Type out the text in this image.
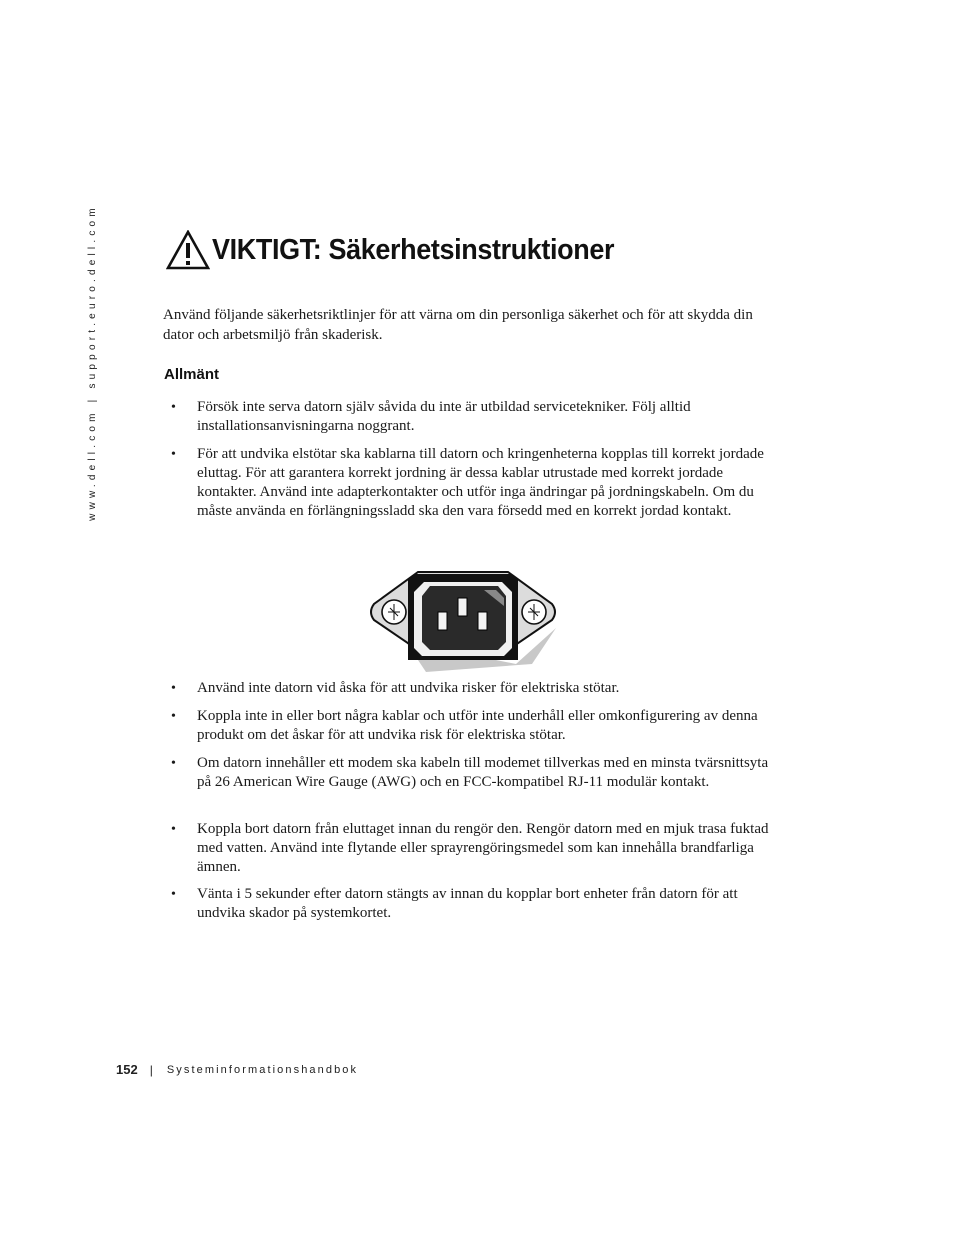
www.dell.com | support.euro.dell.com	VIKTIGT: Säkerhetsinstruktioner

Använd följande säkerhetsriktlinjer för att värna om din personliga säkerhet och för att skydda din dator och arbetsmiljö från skaderisk.

Allmänt
• Försök inte serva datorn själv såvida du inte är utbildad servicetekniker. Följ alltid installationsanvisningarna noggrant.
• För att undvika elstötar ska kablarna till datorn och kringenheterna kopplas till korrekt jordade eluttag. För att garantera korrekt jordning är dessa kablar utrustade med korrekt jordade kontakter. Använd inte adapterkontakter och utför inga ändringar på jordningskabeln. Om du måste använda en förlängningssladd ska den vara försedd med en korrekt jordad kontakt.
• Använd inte datorn vid åska för att undvika risker för elektriska stötar.
• Koppla inte in eller bort några kablar och utför inte underhåll eller omkonfigurering av denna produkt om det åskar för att undvika risk för elektriska stötar.
• Om datorn innehåller ett modem ska kabeln till modemet tillverkas med en minsta tvärsnittsyta på 26 American Wire Gauge (AWG) och en FCC-kompatibel RJ-11 modulär kontakt.
• Koppla bort datorn från eluttaget innan du rengör den. Rengör datorn med en mjuk trasa fuktad med vatten. Använd inte flytande eller sprayrengöringsmedel som kan innehålla brandfarliga ämnen.
• Vänta i 5 sekunder efter datorn stängts av innan du kopplar bort enheter från datorn för att undvika skador på systemkortet.
152 | Systeminformationshandbok
